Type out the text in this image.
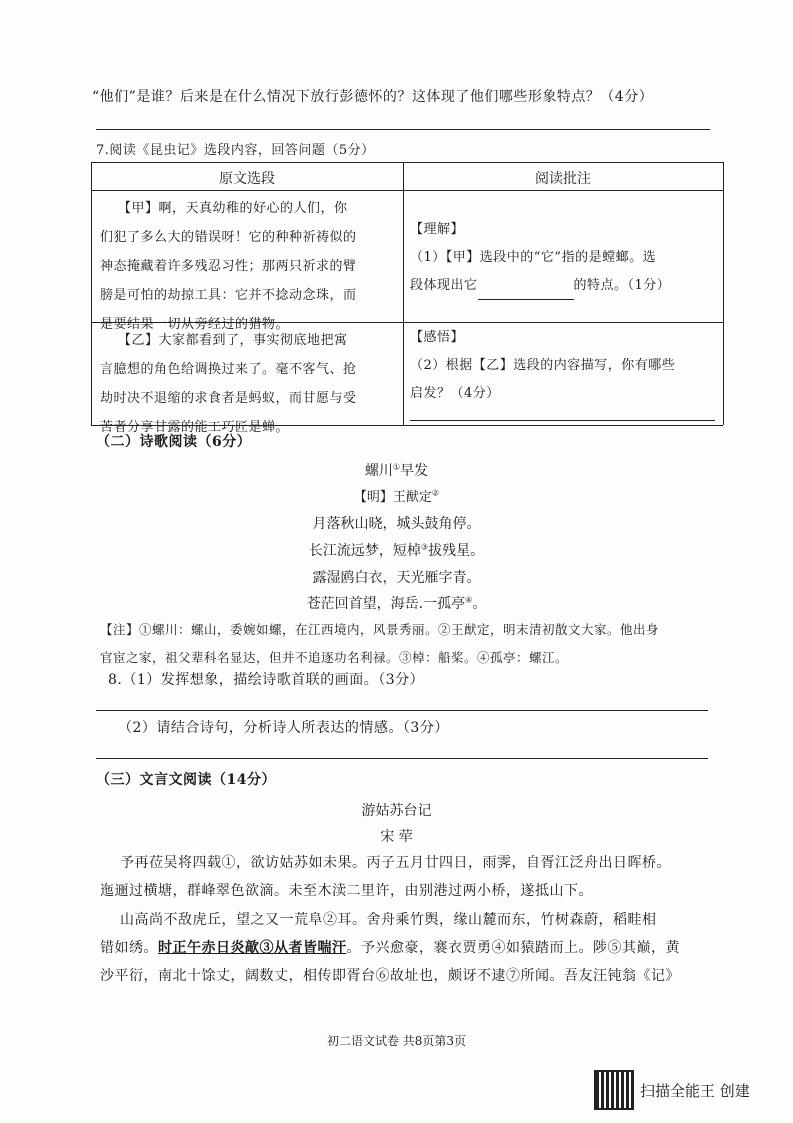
“他们”是谁？后来是在什么情况下放行彭德怀的？这体现了他们哪些形象特点？（4分）
7.阅读《昆虫记》选段内容，回答问题（5分）
原文选段	阅读批注
【甲】啊，天真幼稚的好心的人们，你
们犯了多么大的错误呀！它的种种祈祷似的
神态掩藏着许多残忍习性；那两只祈求的臂
膀是可怕的劫掠工具：它并不捻动念珠，而
是要结果一切从旁经过的猎物。
【乙】大家都看到了，事实彻底地把寓
言臆想的角色给调换过来了。毫不客气、抢
劫时决不退缩的求食者是蚂蚁，而甘愿与受
苦者分享甘露的能工巧匠是蝉。
【理解】
（1）【甲】选段中的“它”指的是螳螂。选
段体现出它	的特点。（1分）
【感悟】
（2）根据【乙】选段的内容描写，你有哪些
启发？（4分）
（二）诗歌阅读（6分）
螺川①早发
【明】王猷定②
月落秋山晓，城头鼓角停。
长江流远梦，短棹③拔残星。
露湿鸥白衣，天光雁字青。
苍茫回首望，海岳.一孤亭④。
【注】①螺川：螺山，委婉如螺，在江西境内，风景秀丽。②王猷定，明末清初散文大家。他出身
官宦之家，祖父辈科名显达，但并不追逐功名利禄。③棹：船桨。④孤亭：螺江。
8.（1）发挥想象，描绘诗歌首联的画面。（3分）
（2）请结合诗句，分析诗人所表达的情感。（3分）
（三）文言文阅读（14分）
游姑苏台记
宋 荦
予再莅吴将四载①，欲访姑苏如未果。丙子五月廿四日，雨霁，自胥江泛舟出日晖桥。
迤逦过横塘，群峰翠色欲滴。未至木渎二里许，由别港过两小桥，遂抵山下。
山高尚不敌虎丘，望之又一荒阜②耳。舍舟乘竹舆，缘山麓而东，竹树森蔚，稻畦相
错如绣。时正午赤日炎歊③从者皆喘汗。予兴愈豪，褰衣贾勇④如猿踏而上。陟⑤其巅，黄
沙平衍，南北十馀丈，阔数丈，相传即胥台⑥故址也，颇讶不逮⑦所闻。吾友汪钝翁《记》
初二语文试卷 共8页第3页
扫描全能王 创建
